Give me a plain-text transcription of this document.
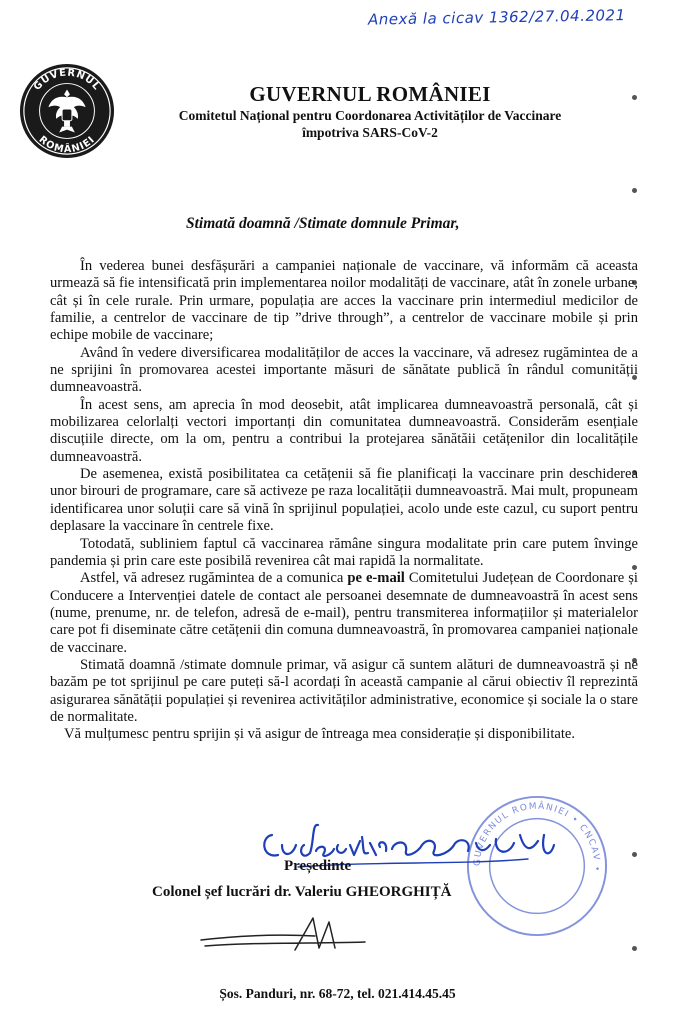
Anexă la cicav 1362/27.04.2021
GUVERNUL
ROMÂNIEI
GUVERNUL ROMÂNIEI
Comitetul Național pentru Coordonarea Activităților de Vaccinare
împotriva SARS-CoV-2
Stimată doamnă /Stimate domnule Primar,

În vederea bunei desfășurări a campaniei naționale de vaccinare, vă informăm că aceasta urmează să fie intensificată prin implementarea noilor modalități de vaccinare, atât în zonele urbane, cât și în cele rurale. Prin urmare, populația are acces la vaccinare prin intermediul medicilor de familie, a centrelor de vaccinare de tip ”drive through”, a centrelor de vaccinare mobile și prin echipe mobile de vaccinare;

Având în vedere diversificarea modalităților de acces la vaccinare, vă adresez rugămintea de a ne sprijini în promovarea acestei importante măsuri de sănătate publică în rândul comunității dumneavoastră.

În acest sens, am aprecia în mod deosebit, atât implicarea dumneavoastră personală, cât și mobilizarea celorlalți vectori importanți din comunitatea dumneavoastră. Considerăm esențiale discuțiile directe, om la om, pentru a contribui la protejarea sănătăii cetățenilor din localitățile dumneavoastră.

De asemenea, există posibilitatea ca cetățenii să fie planificați la vaccinare prin deschiderea unor birouri de programare, care să activeze pe raza localității dumneavoastră. Mai mult, propuneam identificarea unor soluții care să vină în sprijinul populației, acolo unde este cazul, cu suport pentru deplasare la vaccinare în centrele fixe.

Totodată, subliniem faptul că vaccinarea rămâne singura modalitate prin care putem învinge pandemia și prin care este posibilă revenirea cât mai rapidă la normalitate.

Astfel, vă adresez rugămintea de a comunica pe e-mail Comitetului Județean de Coordonare și Conducere a Intervenției datele de contact ale persoanei desemnate de dumneavoastră în acest sens (nume, prenume, nr. de telefon, adresă de e-mail), pentru transmiterea informațiilor și materialelor care pot fi diseminate către cetățenii din comuna dumneavoastră, în promovarea campaniei naționale de vaccinare.

Stimată doamnă /stimate domnule primar, vă asigur că suntem alături de dumneavoastră și ne bazăm pe tot sprijinul pe care puteți să-l acordați în această campanie al cărui obiectiv îl reprezintă asigurarea sănătății populației și revenirea activităților administrative, economice și sociale la o stare de normalitate.

Vă mulțumesc pentru sprijin și vă asigur de întreaga mea considerație și disponibilitate.

GUVERNUL ROMÂNIEI • CNCAV •
Președinte
Colonel șef lucrări dr. Valeriu GHEORGHIȚĂ
Șos. Panduri, nr. 68-72, tel. 021.414.45.45
